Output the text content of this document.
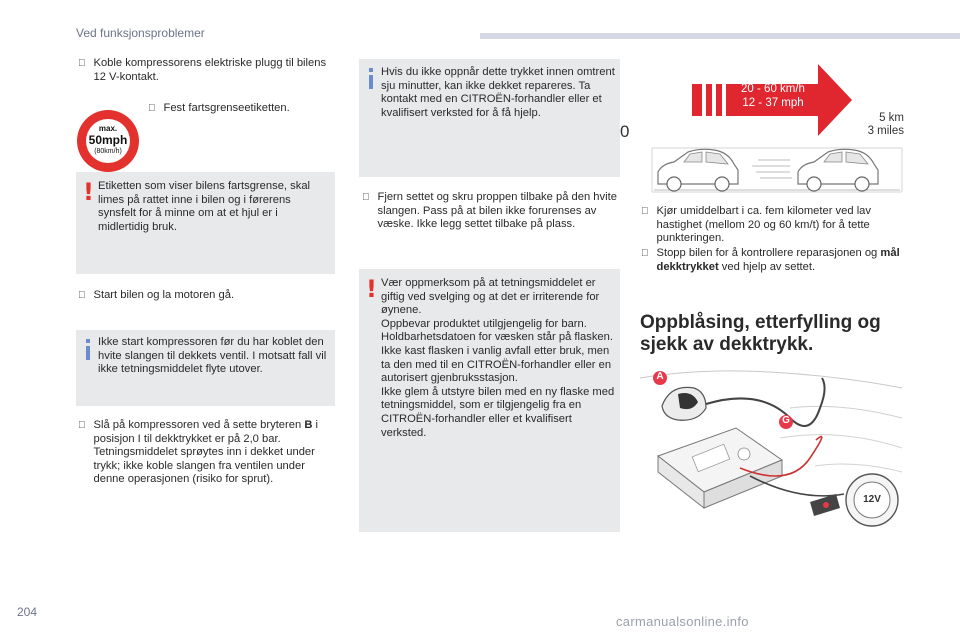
Ved funksjonsproblemer
Koble kompressorens elektriske plugg til bilens 12 V-kontakt.
max.
50mph
(80km/h)
Fest fartsgrenseetiketten.
! Etiketten som viser bilens fartsgrense, skal limes på rattet inne i bilen og i førerens synsfelt for å minne om at et hjul er i midlertidig bruk.
Start bilen og la motoren gå.
Ikke start kompressoren før du har koblet den hvite slangen til dekkets ventil. I motsatt fall vil ikke tetningsmiddelet flyte utover.
Slå på kompressoren ved å sette bryteren B i posisjon I til dekktrykket er på 2,0 bar. Tetningsmiddelet sprøytes inn i dekket under trykk; ikke koble slangen fra ventilen under denne operasjonen (risiko for sprut).
Hvis du ikke oppnår dette trykket innen omtrent sju minutter, kan ikke dekket repareres. Ta kontakt med en CITROËN-forhandler eller et kvalifisert verksted for å få hjelp.
Fjern settet og skru proppen tilbake på den hvite slangen. Pass på at bilen ikke forurenses av væske. Ikke legg settet tilbake på plass.
! Vær oppmerksom på at tetningsmiddelet er giftig ved svelging og at det er irriterende for øynene.
Oppbevar produktet utilgjengelig for barn.
Holdbarhetsdatoen for væsken står på flasken.
Ikke kast flasken i vanlig avfall etter bruk, men ta den med til en CITROËN-forhandler eller en autorisert gjenbruksstasjon.
Ikke glem å utstyre bilen med en ny flaske med tetningsmiddel, som er tilgjengelig fra en CITROËN-forhandler eller et kvalifisert verksted.
20 - 60 km/h
12 - 37 mph
0
5 km
3 miles
Kjør umiddelbart i ca. fem kilometer ved lav hastighet (mellom 20 og 60 km/t) for å tette punkteringen.
Stopp bilen for å kontrollere reparasjonen og mål dekktrykket ved hjelp av settet.
Oppblåsing, etterfylling og sjekk av dekktrykk.
A
G
12V
204
carmanualsonline.info
